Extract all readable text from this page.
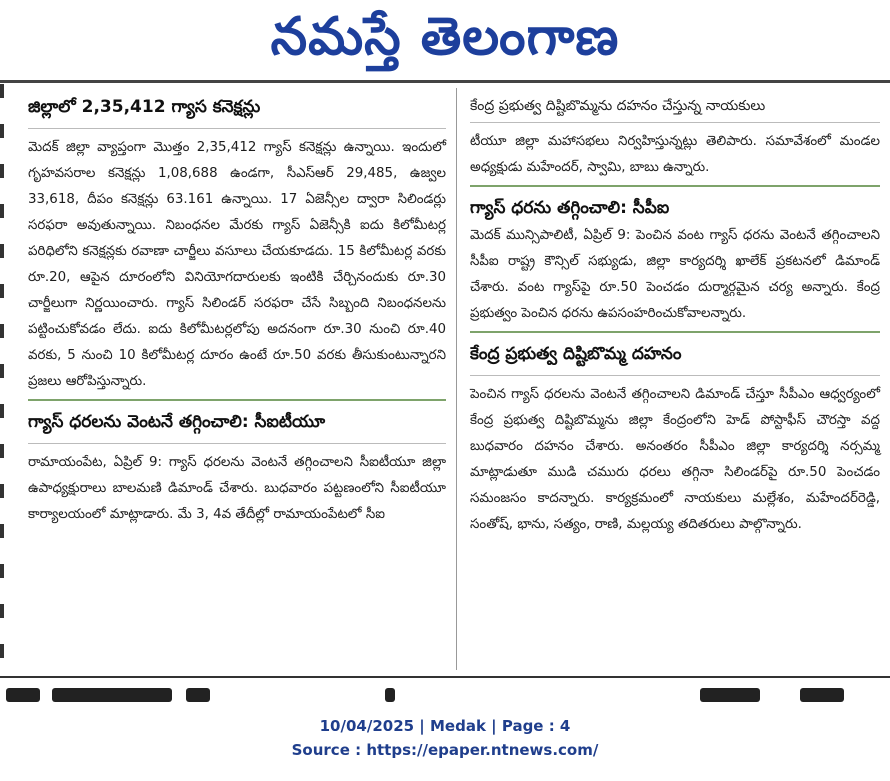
నమస్తే తెలంగాణ
జిల్లాలో 2,35,412 గ్యాస కనెక్షన్లు

మెదక్ జిల్లా వ్యాప్తంగా మొత్తం 2,35,412 గ్యాస్ కనెక్షన్లు ఉన్నాయి. ఇందులో గృహవసరాల కనెక్షన్లు 1,08,688 ఉండగా, సీఎస్ఆర్ 29,485, ఉజ్వల 33,618, దీపం కనెక్షన్లు 63.161 ఉన్నాయి. 17 ఏజెన్సీల ద్వారా సిలిండర్లు సరఫరా అవుతున్నాయి. నిబంధనల మేరకు గ్యాస్ ఏజెన్సీకి ఐదు కిలోమీటర్ల పరిధిలోని కనెక్షన్లకు రవాణా చార్జీలు వసూలు చేయకూడదు. 15 కిలోమీటర్ల వరకు రూ.20, ఆపైన దూరంలోని వినియోగదారులకు ఇంటికి చేర్చినందుకు రూ.30 చార్జీలుగా నిర్ణయించారు. గ్యాస్ సిలిండర్ సరఫరా చేసే సిబ్బంది నిబంధనలను పట్టించుకోవడం లేదు. ఐదు కిలోమీటర్లలోపు అదనంగా రూ.30 నుంచి రూ.40 వరకు, 5 నుంచి 10 కిలోమీటర్ల దూరం ఉంటే రూ.50 వరకు తీసుకుంటున్నారని ప్రజలు ఆరోపిస్తున్నారు.

గ్యాస్ ధరలను వెంటనే తగ్గించాలి: సీఐటీయూ

రామాయంపేట, ఏప్రిల్ 9: గ్యాస్ ధరలను వెంటనే తగ్గించాలని సీఐటీయూ జిల్లా ఉపాధ్యక్షురాలు బాలమణి డిమాండ్ చేశారు. బుధవారం పట్టణంలోని సీఐటీయూ కార్యాలయంలో మాట్లాడారు. మే 3, 4వ తేదీల్లో రామాయంపేటలో సీఐ

కేంద్ర ప్రభుత్వ దిష్టిబొమ్మను దహనం చేస్తున్న నాయకులు

టీయూ జిల్లా మహాసభలు నిర్వహిస్తున్నట్లు తెలిపారు. సమావేశంలో మండల అధ్యక్షుడు మహేందర్, స్వామి, బాబు ఉన్నారు.

గ్యాస్ ధరను తగ్గించాలి: సీపీఐ

మెదక్ మున్సిపాలిటీ, ఏప్రిల్ 9: పెంచిన వంట గ్యాస్ ధరను వెంటనే తగ్గించాలని సీపీఐ రాష్ట్ర కౌన్సిల్ సభ్యుడు, జిల్లా కార్యదర్శి ఖాలేక్ ప్రకటనలో డిమాండ్ చేశారు. వంట గ్యాస్‌పై రూ.50 పెంచడం దుర్మార్గమైన చర్య అన్నారు. కేంద్ర ప్రభుత్వం పెంచిన ధరను ఉపసంహరించుకోవాలన్నారు.

కేంద్ర ప్రభుత్వ దిష్టిబొమ్మ దహనం

పెంచిన గ్యాస్ ధరలను వెంటనే తగ్గించాలని డిమాండ్ చేస్తూ సీపీఎం ఆధ్వర్యంలో కేంద్ర ప్రభుత్వ దిష్టిబొమ్మను జిల్లా కేంద్రంలోని హెడ్ పోస్టాఫీస్ చౌరస్తా వద్ద బుధవారం దహనం చేశారు. అనంతరం సీపీఎం జిల్లా కార్యదర్శి నర్సమ్మ మాట్లాడుతూ ముడి చమురు ధరలు తగ్గినా సిలిండర్‌పై రూ.50 పెంచడం సమంజసం కాదన్నారు. కార్యక్రమంలో నాయకులు మల్లేశం, మహేందర్‌రెడ్డి, సంతోష్, భాను, సత్యం, రాణి, మల్లయ్య తదితరులు పాల్గొన్నారు.

10/04/2025 | Medak | Page : 4
Source : https://epaper.ntnews.com/
